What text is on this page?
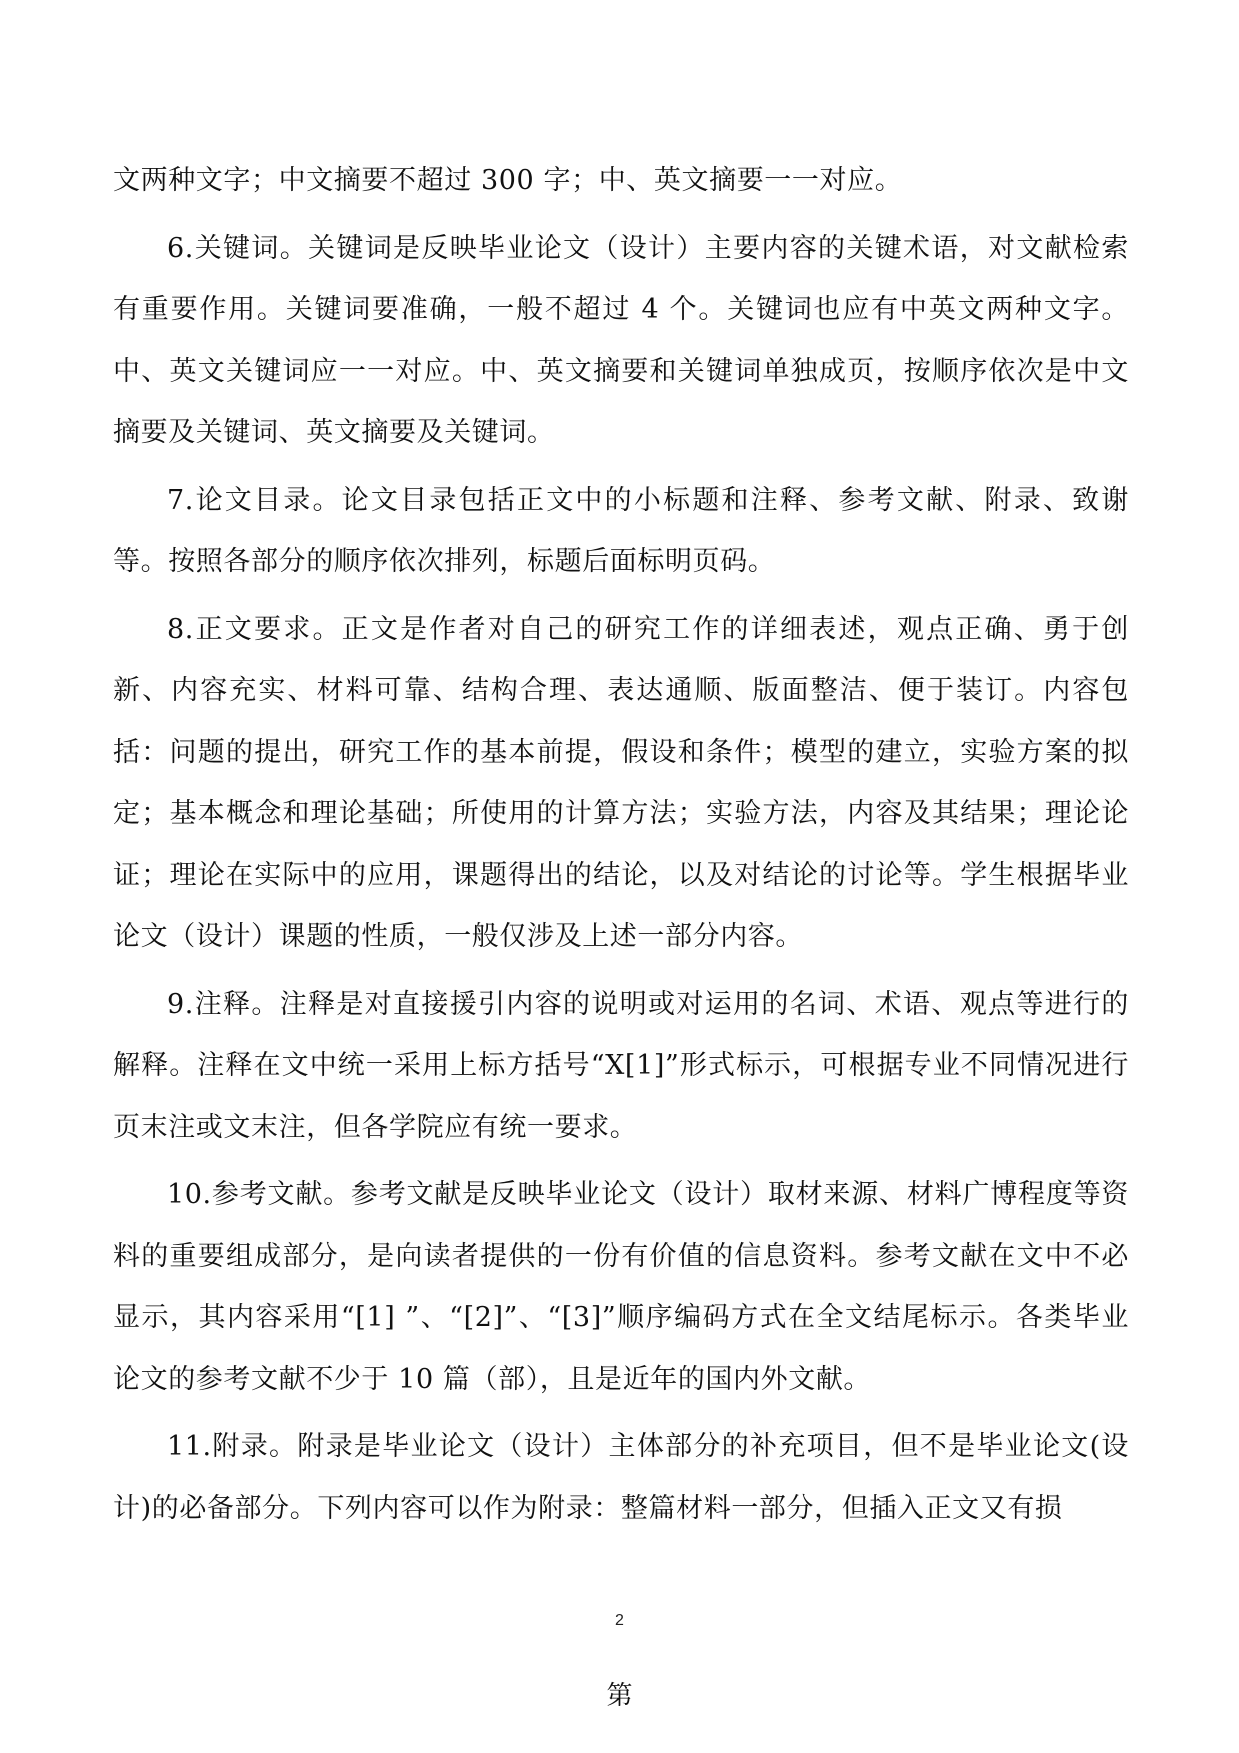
文两种文字；中文摘要不超过 300 字；中、英文摘要一一对应。

6.关键词。关键词是反映毕业论文（设计）主要内容的关键术语，对文献检索有重要作用。关键词要准确，一般不超过 4 个。关键词也应有中英文两种文字。中、英文关键词应一一对应。中、英文摘要和关键词单独成页，按顺序依次是中文摘要及关键词、英文摘要及关键词。

7.论文目录。论文目录包括正文中的小标题和注释、参考文献、附录、致谢等。按照各部分的顺序依次排列，标题后面标明页码。

8.正文要求。正文是作者对自己的研究工作的详细表述，观点正确、勇于创新、内容充实、材料可靠、结构合理、表达通顺、版面整洁、便于装订。内容包括：问题的提出，研究工作的基本前提，假设和条件；模型的建立，实验方案的拟定；基本概念和理论基础；所使用的计算方法；实验方法，内容及其结果；理论论证；理论在实际中的应用，课题得出的结论，以及对结论的讨论等。学生根据毕业论文（设计）课题的性质，一般仅涉及上述一部分内容。

9.注释。注释是对直接援引内容的说明或对运用的名词、术语、观点等进行的解释。注释在文中统一采用上标方括号“X[1]”形式标示，可根据专业不同情况进行页末注或文末注，但各学院应有统一要求。

10.参考文献。参考文献是反映毕业论文（设计）取材来源、材料广博程度等资料的重要组成部分，是向读者提供的一份有价值的信息资料。参考文献在文中不必显示，其内容采用“[1] ”、“[2]”、“[3]”顺序编码方式在全文结尾标示。各类毕业论文的参考文献不少于 10 篇（部），且是近年的国内外文献。

11.附录。附录是毕业论文（设计）主体部分的补充项目，但不是毕业论文(设计)的必备部分。下列内容可以作为附录：整篇材料一部分，但插入正文又有损

2
第
